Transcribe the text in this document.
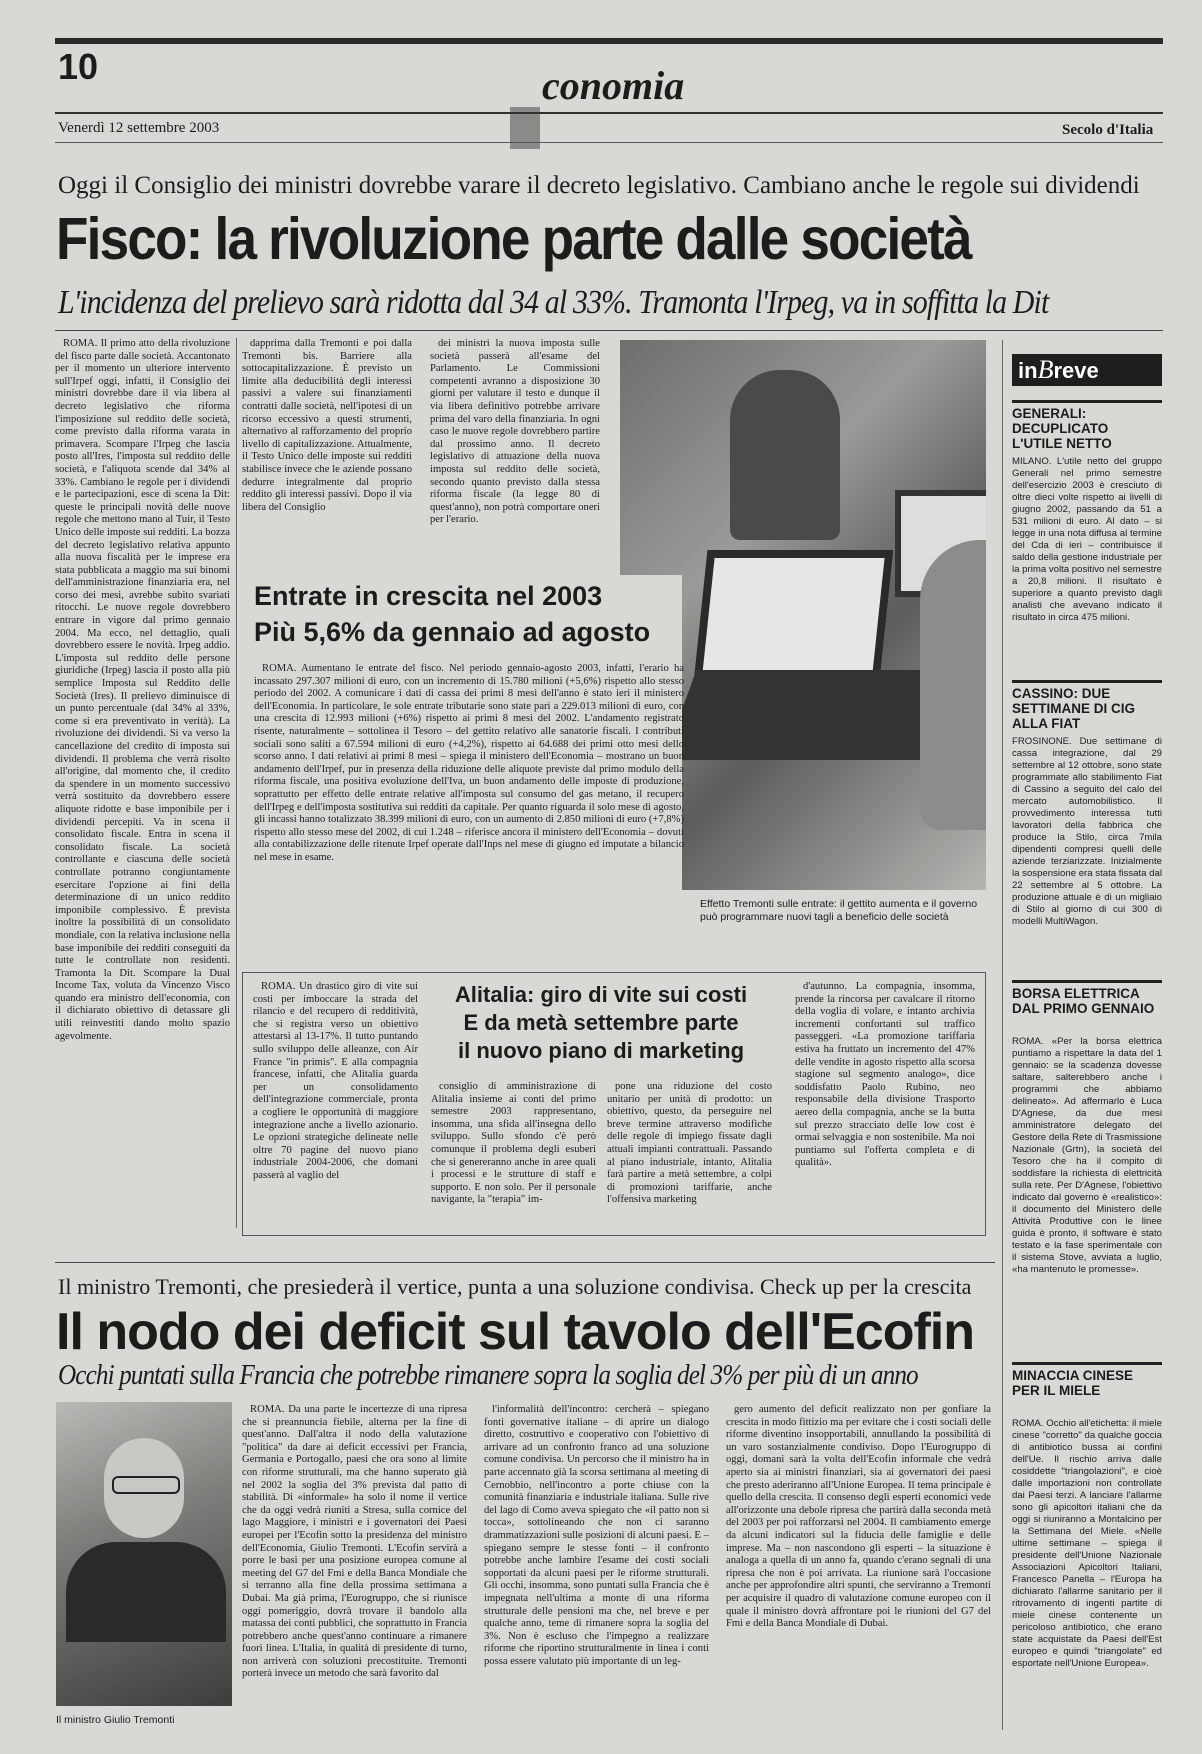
10
E conomia
Venerdì 12 settembre 2003	Secolo d'Italia
Oggi il Consiglio dei ministri dovrebbe varare il decreto legislativo. Cambiano anche le regole sui dividendi
Fisco: la rivoluzione parte dalle società
L'incidenza del prelievo sarà ridotta dal 34 al 33%. Tramonta l'Irpeg, va in soffitta la Dit

ROMA. Il primo atto della rivoluzione del fisco parte dalle società. Accantonato per il momento un ulteriore intervento sull'Irpef oggi, infatti, il Consiglio dei ministri dovrebbe dare il via libera al decreto legislativo che riforma l'imposizione sul reddito delle società, come previsto dalla riforma varata in primavera. Scompare l'Irpeg che lascia posto all'Ires, l'imposta sul reddito delle società, e l'aliquota scende dal 34% al 33%. Cambiano le regole per i dividendi e le partecipazioni, esce di scena la Dit: queste le principali novità delle nuove regole che mettono mano al Tuir, il Testo Unico delle imposte sui redditi. La bozza del decreto legislativo relativa appunto alla nuova fiscalità per le imprese era stata pubblicata a maggio ma sui binomi dell'amministrazione finanziaria era, nel corso dei mesi, avrebbe subito svariati ritocchi. Le nuove regole dovrebbero entrare in vigore dal primo gennaio 2004. Ma ecco, nel dettaglio, quali dovrebbero essere le novità. Irpeg addio. L'imposta sul reddito delle persone giuridiche (Irpeg) lascia il posto alla più semplice Imposta sul Reddito delle Società (Ires). Il prelievo diminuisce di un punto percentuale (dal 34% al 33%, come si era preventivato in verità). La rivoluzione dei dividendi. Si va verso la cancellazione del credito di imposta sui dividendi. Il problema che verrà risolto all'origine, dal momento che, il credito da spendere in un momento successivo verrà sostituito da dovrebbero essere aliquote ridotte e base imponibile per i dividendi percepiti. Va in scena il consolidato fiscale. Entra in scena il consolidato fiscale. La società controllante e ciascuna delle società controllate potranno congiuntamente esercitare l'opzione ai fini della determinazione di un unico reddito imponibile complessivo. È prevista inoltre la possibilità di un consolidato mondiale, con la relativa inclusione nella base imponibile dei redditi conseguiti da tutte le controllate non residenti. Tramonta la Dit. Scompare la Dual Income Tax, voluta da Vincenzo Visco quando era ministro dell'economia, con il dichiarato obiettivo di detassare gli utili reinvestiti dando molto spazio agevolmente.

dapprima dalla Tremonti e poi dalla Tremonti bis. Barriere alla sottocapitalizzazione. È previsto un limite alla deducibilità degli interessi passivi a valere sui finanziamenti contratti dalle società, nell'ipotesi di un ricorso eccessivo a questi strumenti, alternativo al rafforzamento del proprio livello di capitalizzazione. Attualmente, il Testo Unico delle imposte sui redditi stabilisce invece che le aziende possano dedurre integralmente dal proprio reddito gli interessi passivi. Dopo il via libera del Consiglio

dei ministri la nuova imposta sulle società passerà all'esame del Parlamento. Le Commissioni competenti avranno a disposizione 30 giorni per valutare il testo e dunque il via libera definitivo potrebbe arrivare prima del varo della finanziaria. In ogni caso le nuove regole dovrebbero partire dal prossimo anno. Il decreto legislativo di attuazione della nuova imposta sul reddito delle società, secondo quanto previsto dalla stessa riforma fiscale (la legge 80 di quest'anno), non potrà comportare oneri per l'erario.

Effetto Tremonti sulle entrate: il gettito aumenta e il governo può programmare nuovi tagli a beneficio delle società
Entrate in crescita nel 2003
Più 5,6% da gennaio ad agosto

ROMA. Aumentano le entrate del fisco. Nel periodo gennaio-agosto 2003, infatti, l'erario ha incassato 297.307 milioni di euro, con un incremento di 15.780 milioni (+5,6%) rispetto allo stesso periodo del 2002. A comunicare i dati di cassa dei primi 8 mesi dell'anno è stato ieri il ministero dell'Economia. In particolare, le sole entrate tributarie sono state pari a 229.013 milioni di euro, con una crescita di 12.993 milioni (+6%) rispetto ai primi 8 mesi del 2002. L'andamento registrato risente, naturalmente – sottolinea il Tesoro – del gettito relativo alle sanatorie fiscali. I contributi sociali sono saliti a 67.594 milioni di euro (+4,2%), rispetto ai 64.688 dei primi otto mesi dello scorso anno. I dati relativi ai primi 8 mesi – spiega il ministero dell'Economia – mostrano un buon andamento dell'Irpef, pur in presenza della riduzione delle aliquote previste dal primo modulo della riforma fiscale, una positiva evoluzione dell'Iva, un buon andamento delle imposte di produzione, soprattutto per effetto delle entrate relative all'imposta sul consumo del gas metano, il recupero dell'Irpeg e dell'imposta sostitutiva sui redditi da capitale. Per quanto riguarda il solo mese di agosto, gli incassi hanno totalizzato 38.399 milioni di euro, con un aumento di 2.850 milioni di euro (+7,8%) rispetto allo stesso mese del 2002, di cui 1.248 – riferisce ancora il ministero dell'Economia – dovuti alla contabilizzazione delle ritenute Irpef operate dall'Inps nel mese di giugno ed imputate a bilancio nel mese in esame.

ROMA. Un drastico giro di vite sui costi per imboccare la strada del rilancio e del recupero di redditività, che si registra verso un obiettivo attestarsi al 13-17%. Il tutto puntando sullo sviluppo delle alleanze, con Air France "in primis". E alla compagnia francese, infatti, che Alitalia guarda per un consolidamento dell'integrazione commerciale, pronta a cogliere le opportunità di maggiore integrazione anche a livello azionario. Le opzioni strategiche delineate nelle oltre 70 pagine del nuovo piano industriale 2004-2006, che domani passerà al vaglio del

Alitalia: giro di vite sui costi
E da metà settembre parte
il nuovo piano di marketing

consiglio di amministrazione di Alitalia insieme ai conti del primo semestre 2003 rappresentano, insomma, una sfida all'insegna dello sviluppo. Sullo sfondo c'è però comunque il problema degli esuberi che si genereranno anche in aree quali i processi e le strutture di staff e supporto. E non solo. Per il personale navigante, la "terapia" im-

pone una riduzione del costo unitario per unità di prodotto: un obiettivo, questo, da perseguire nel breve termine attraverso modifiche delle regole di impiego fissate dagli attuali impianti contrattuali. Passando al piano industriale, intanto, Alitalia farà partire a metà settembre, a colpi di promozioni tariffarie, anche l'offensiva marketing

d'autunno. La compagnia, insomma, prende la rincorsa per cavalcare il ritorno della voglia di volare, e intanto archivia incrementi confortanti sul traffico passeggeri. «La promozione tariffaria estiva ha fruttato un incremento del 47% delle vendite in agosto rispetto alla scorsa stagione sul segmento analogo», dice soddisfatto Paolo Rubino, neo responsabile della divisione Trasporto aereo della compagnia, anche se la butta sul prezzo stracciato delle low cost è ormai selvaggia e non sostenibile. Ma noi puntiamo sul l'offerta completa e di qualità».

inBreve
GENERALI: DECUPLICATO L'UTILE NETTO
MILANO. L'utile netto del gruppo Generali nel primo semestre dell'esercizio 2003 è cresciuto di oltre dieci volte rispetto ai livelli di giugno 2002, passando da 51 a 531 milioni di euro. Al dato – si legge in una nota diffusa al termine del Cda di ieri – contribuisce il saldo della gestione industriale per la prima volta positivo nel semestre a 20,8 milioni. Il risultato è superiore a quanto previsto dagli analisti che avevano indicato il risultato in circa 475 milioni.
CASSINO: DUE SETTIMANE DI CIG ALLA FIAT
FROSINONE. Due settimane di cassa integrazione, dal 29 settembre al 12 ottobre, sono state programmate allo stabilimento Fiat di Cassino a seguito del calo del mercato automobilistico. Il provvedimento interessa tutti lavoratori della fabbrica che produce la Stilo, circa 7mila dipendenti compresi quelli delle aziende terziarizzate. Inizialmente la sospensione era stata fissata dal 22 settembre al 5 ottobre. La produzione attuale è di un migliaio di Stilo al giorno di cui 300 di modelli MultiWagon.
BORSA ELETTRICA DAL PRIMO GENNAIO
ROMA. «Per la borsa elettrica puntiamo a rispettare la data del 1 gennaio: se la scadenza dovesse saltare, salterebbero anche i programmi che abbiamo delineato». Ad affermarlo è Luca D'Agnese, da due mesi amministratore delegato del Gestore della Rete di Trasmissione Nazionale (Grtn), la società del Tesoro che ha il compito di soddisfare la richiesta di elettricità sulla rete. Per D'Agnese, l'obiettivo indicato dal governo è «realistico»: il documento del Ministero delle Attività Produttive con le linee guida è pronto, il software è stato testato e la fase sperimentale con il sistema Stove, avviata a luglio, «ha mantenuto le promesse».
MINACCIA CINESE PER IL MIELE
ROMA. Occhio all'etichetta: il miele cinese "corretto" da qualche goccia di antibiotico bussa ai confini dell'Ue. Il rischio arriva dalle cosiddette "triangolazioni", e cioè dalle importazioni non controllate dai Paesi terzi. A lanciare l'allarme sono gli apicoltori italiani che da oggi si riuniranno a Montalcino per la Settimana del Miele. «Nelle ultime settimane – spiega il presidente dell'Unione Nazionale Associazioni Apicoltori Italiani, Francesco Panella – l'Europa ha dichiarato l'allarme sanitario per il ritrovamento di ingenti partite di miele cinese contenente un pericoloso antibiotico, che erano state acquistate da Paesi dell'Est europeo e quindi "triangolate" ed esportate nell'Unione Europea».
Il ministro Tremonti, che presiederà il vertice, punta a una soluzione condivisa. Check up per la crescita
Il nodo dei deficit sul tavolo dell'Ecofin
Occhi puntati sulla Francia che potrebbe rimanere sopra la soglia del 3% per più di un anno
Il ministro Giulio Tremonti

ROMA. Da una parte le incertezze di una ripresa che si preannuncia fiebile, alterna per la fine di quest'anno. Dall'altra il nodo della valutazione "politica" da dare ai deficit eccessivi per Francia, Germania e Portogallo, paesi che ora sono al limite con riforme strutturali, ma che hanno superato già nel 2002 la soglia del 3% prevista dal patto di stabilità. Di «informale» ha solo il nome il vertice che da oggi vedrà riuniti a Stresa, sulla cornice del lago Maggiore, i ministri e i governatori dei Paesi europei per l'Ecofin sotto la presidenza del ministro dell'Economia, Giulio Tremonti. L'Ecofin servirà a porre le basi per una posizione europea comune al meeting del G7 del Fmi e della Banca Mondiale che si terranno alla fine della prossima settimana a Dubai. Ma già prima, l'Eurogruppo, che si riunisce oggi pomeriggio, dovrà trovare il bandolo alla matassa dei conti pubblici, che soprattutto in Francia potrebbero anche quest'anno continuare a rimanere fuori linea. L'Italia, in qualità di presidente di turno, non arriverà con soluzioni precostituite. Tremonti porterà invece un metodo che sarà favorito dal

l'informalità dell'incontro: cercherà – spiegano fonti governative italiane – di aprire un dialogo diretto, costruttivo e cooperativo con l'obiettivo di arrivare ad un confronto franco ad una soluzione comune condivisa. Un percorso che il ministro ha in parte accennato già la scorsa settimana al meeting di Cernobbio, nell'incontro a porte chiuse con la comunità finanziaria e industriale italiana. Sulle rive del lago di Como aveva spiegato che «il patto non si tocca», sottolineando che non ci saranno drammatizzazioni sulle posizioni di alcuni paesi. E – spiegano sempre le stesse fonti – il confronto potrebbe anche lambire l'esame dei costi sociali sopportati da alcuni paesi per le riforme strutturali. Gli occhi, insomma, sono puntati sulla Francia che è impegnata nell'ultima a monte di una riforma strutturale delle pensioni ma che, nel breve e per qualche anno, teme di rimanere sopra la soglia del 3%. Non è escluso che l'impegno a realizzare riforme che riportino strutturalmente in linea i conti possa essere valutato più importante di un leg-

gero aumento del deficit realizzato non per gonfiare la crescita in modo fittizio ma per evitare che i costi sociali delle riforme diventino insopportabili, annullando la possibilità di un varo sostanzialmente condiviso. Dopo l'Eurogruppo di oggi, domani sarà la volta dell'Ecofin informale che vedrà aperto sia ai ministri finanziari, sia ai governatori dei paesi che presto aderiranno all'Unione Europea. Il tema principale è quello della crescita. Il consenso degli esperti economici vede all'orizzonte una debole ripresa che partirà dalla seconda metà del 2003 per poi rafforzarsi nel 2004. Il cambiamento emerge da alcuni indicatori sul la fiducia delle famiglie e delle imprese. Ma – non nascondono gli esperti – la situazione è analoga a quella di un anno fa, quando c'erano segnali di una ripresa che non è poi arrivata. La riunione sarà l'occasione anche per approfondire altri spunti, che serviranno a Tremonti per acquisire il quadro di valutazione comune europeo con il quale il ministro dovrà affrontare poi le riunioni del G7 del Fmi e della Banca Mondiale di Dubai.
